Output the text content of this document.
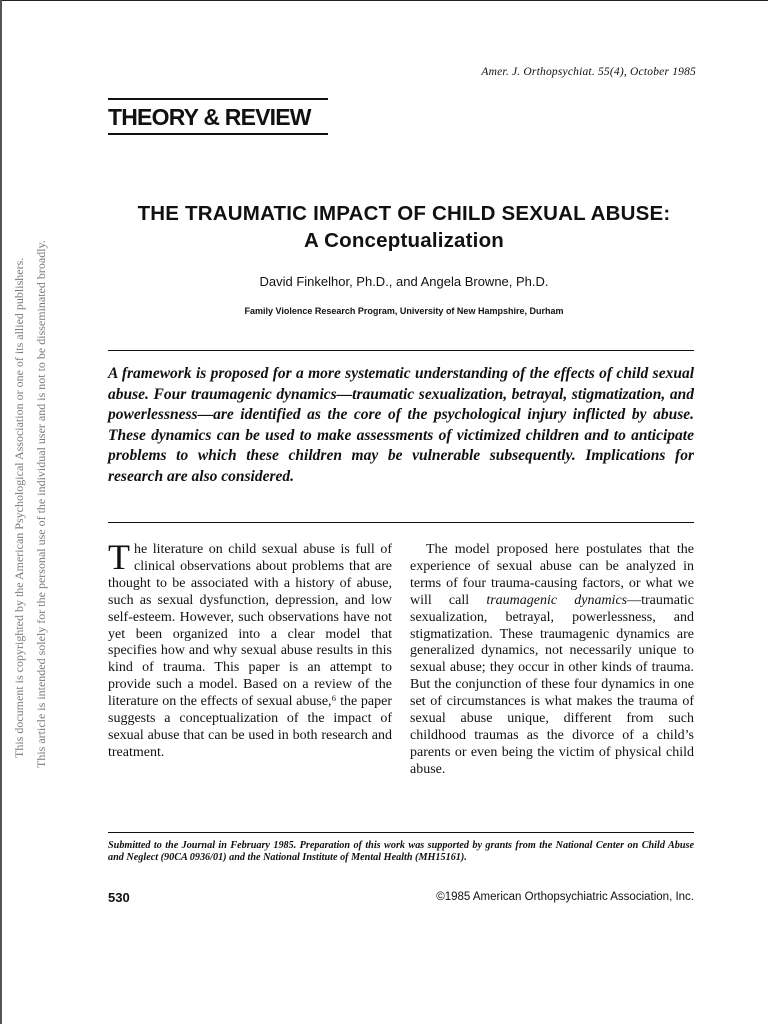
This document is copyrighted by the American Psychological Association or one of its allied publishers. This article is intended solely for the personal use of the individual user and is not to be disseminated broadly.
Amer. J. Orthopsychiat. 55(4), October 1985
THEORY & REVIEW
THE TRAUMATIC IMPACT OF CHILD SEXUAL ABUSE:
A Conceptualization
David Finkelhor, Ph.D., and Angela Browne, Ph.D.
Family Violence Research Program, University of New Hampshire, Durham
A framework is proposed for a more systematic understanding of the effects of child sexual abuse. Four traumagenic dynamics—traumatic sexualization, betrayal, stigmatization, and powerlessness—are identified as the core of the psychological injury inflicted by abuse. These dynamics can be used to make assessments of victimized children and to anticipate problems to which these children may be vulnerable subsequently. Implications for research are also considered.

The literature on child sexual abuse is full of clinical observations about problems that are thought to be associated with a history of abuse, such as sexual dysfunction, depression, and low self-esteem. However, such observations have not yet been organized into a clear model that specifies how and why sexual abuse results in this kind of trauma. This paper is an attempt to provide such a model. Based on a review of the literature on the effects of sexual abuse,⁶ the paper suggests a conceptualization of the impact of sexual abuse that can be used in both research and treatment.

The model proposed here postulates that the experience of sexual abuse can be analyzed in terms of four trauma-causing factors, or what we will call traumagenic dynamics—traumatic sexualization, betrayal, powerlessness, and stigmatization. These traumagenic dynamics are generalized dynamics, not necessarily unique to sexual abuse; they occur in other kinds of trauma. But the conjunction of these four dynamics in one set of circumstances is what makes the trauma of sexual abuse unique, different from such childhood traumas as the divorce of a child’s parents or even being the victim of physical child abuse.

Submitted to the Journal in February 1985. Preparation of this work was supported by grants from the National Center on Child Abuse and Neglect (90CA 0936/01) and the National Institute of Mental Health (MH15161).
530	©1985 American Orthopsychiatric Association, Inc.
